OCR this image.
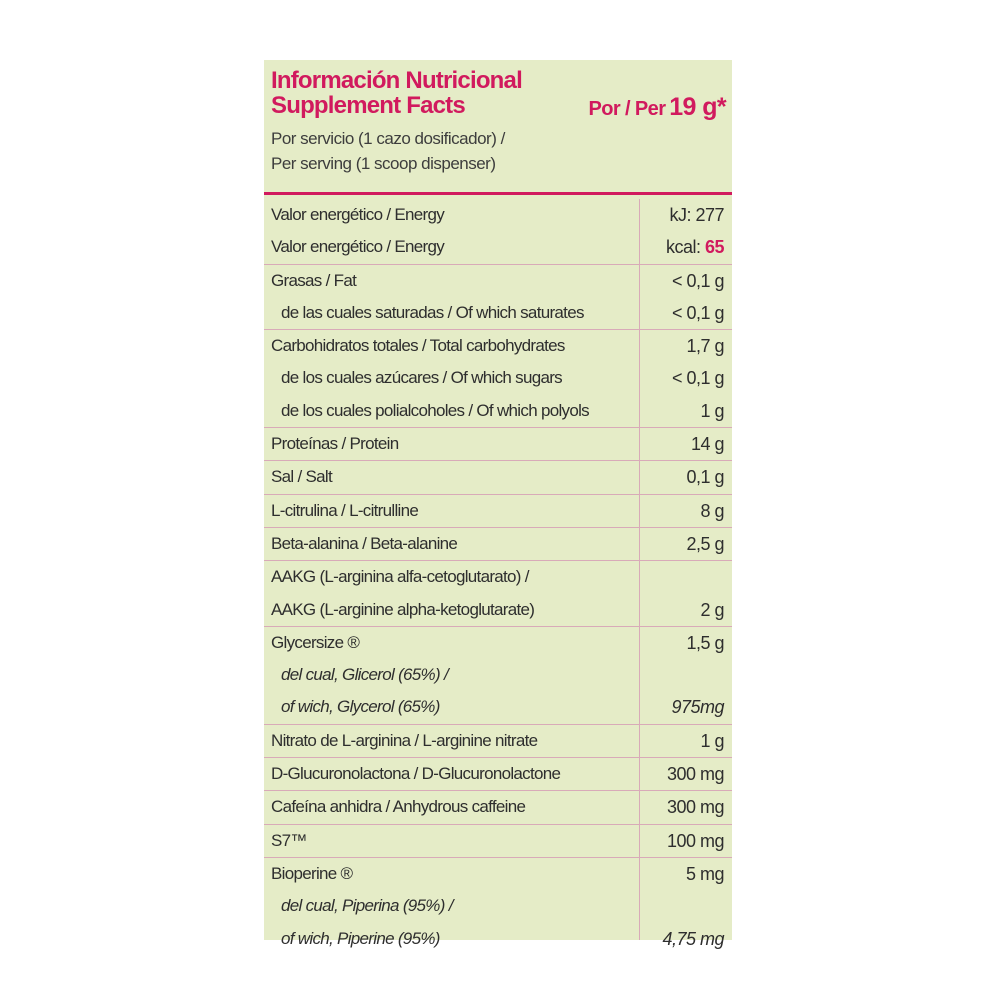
Información Nutricional
Supplement Facts	Por / Per 19 g*
Por servicio (1 cazo dosificador) /
Per serving (1 scoop dispenser)
Valor energético / Energy	kJ: 277
Valor energético / Energy	kcal: 65
Grasas / Fat	< 0,1 g
de las cuales saturadas / Of which saturates	< 0,1 g
Carbohidratos totales / Total carbohydrates	1,7 g
de los cuales azúcares / Of which sugars	< 0,1 g
de los cuales polialcoholes / Of which polyols	1 g
Proteínas / Protein	14 g
Sal / Salt	0,1 g
L-citrulina / L-citrulline	8 g
Beta-alanina / Beta-alanine	2,5 g
AAKG (L-arginina alfa-cetoglutarato) /
AAKG (L-arginine alpha-ketoglutarate)	2 g
Glycersize ®	1,5 g
del cual, Glicerol (65%) /
of wich, Glycerol (65%)	975mg
Nitrato de L-arginina / L-arginine nitrate	1 g
D-Glucuronolactona / D-Glucuronolactone	300 mg
Cafeína anhidra / Anhydrous caffeine	300 mg
S7™	100 mg
Bioperine ®	5 mg
del cual, Piperina (95%) /
of wich, Piperine (95%)	4,75 mg
